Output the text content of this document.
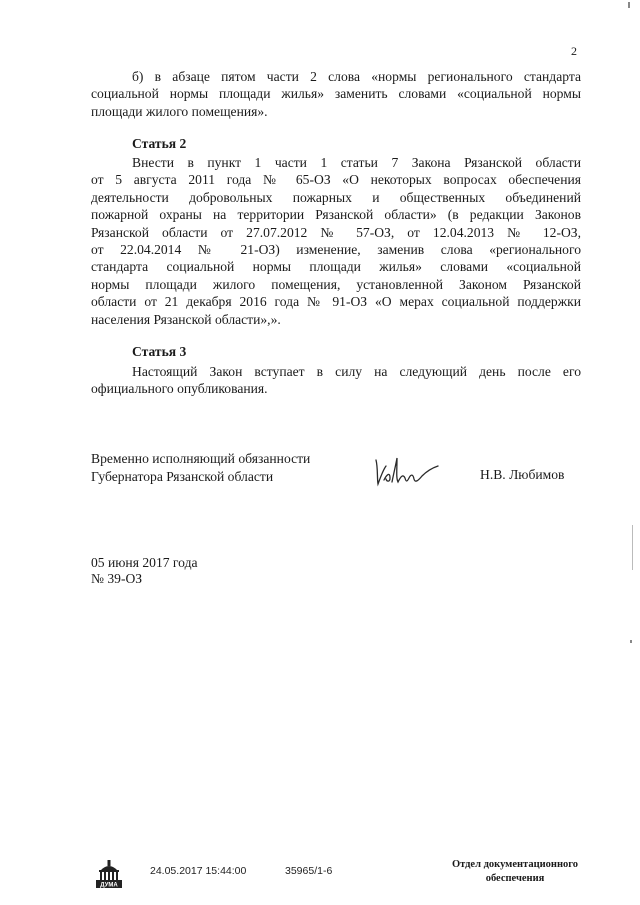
2

б) в абзаце пятом части 2 слова «нормы регионального стандарта
социальной нормы площади жилья» заменить словами «социальной нормы
площади жилого помещения».

Статья 2

Внести в пункт 1 части 1 статьи 7 Закона Рязанской области
от 5 августа 2011 года № 65-ОЗ «О некоторых вопросах обеспечения
деятельности добровольных пожарных и общественных объединений
пожарной охраны на территории Рязанской области» (в редакции Законов
Рязанской области от 27.07.2012 № 57-ОЗ, от 12.04.2013 № 12-ОЗ,
от 22.04.2014 № 21-ОЗ) изменение, заменив слова «регионального
стандарта социальной нормы площади жилья» словами «социальной
нормы площади жилого помещения, установленной Законом Рязанской
области от 21 декабря 2016 года № 91-ОЗ «О мерах социальной поддержки
населения Рязанской области»,».

Статья 3

Настоящий Закон вступает в силу на следующий день после его
официального опубликования.

Временно исполняющий обязанности
Губернатора Рязанской области	Н.В. Любимов
05 июня 2017 года
№ 39-ОЗ
ДУМА
24.05.2017 15:44:00	35965/1-6
Отдел документационного
обеспечения
